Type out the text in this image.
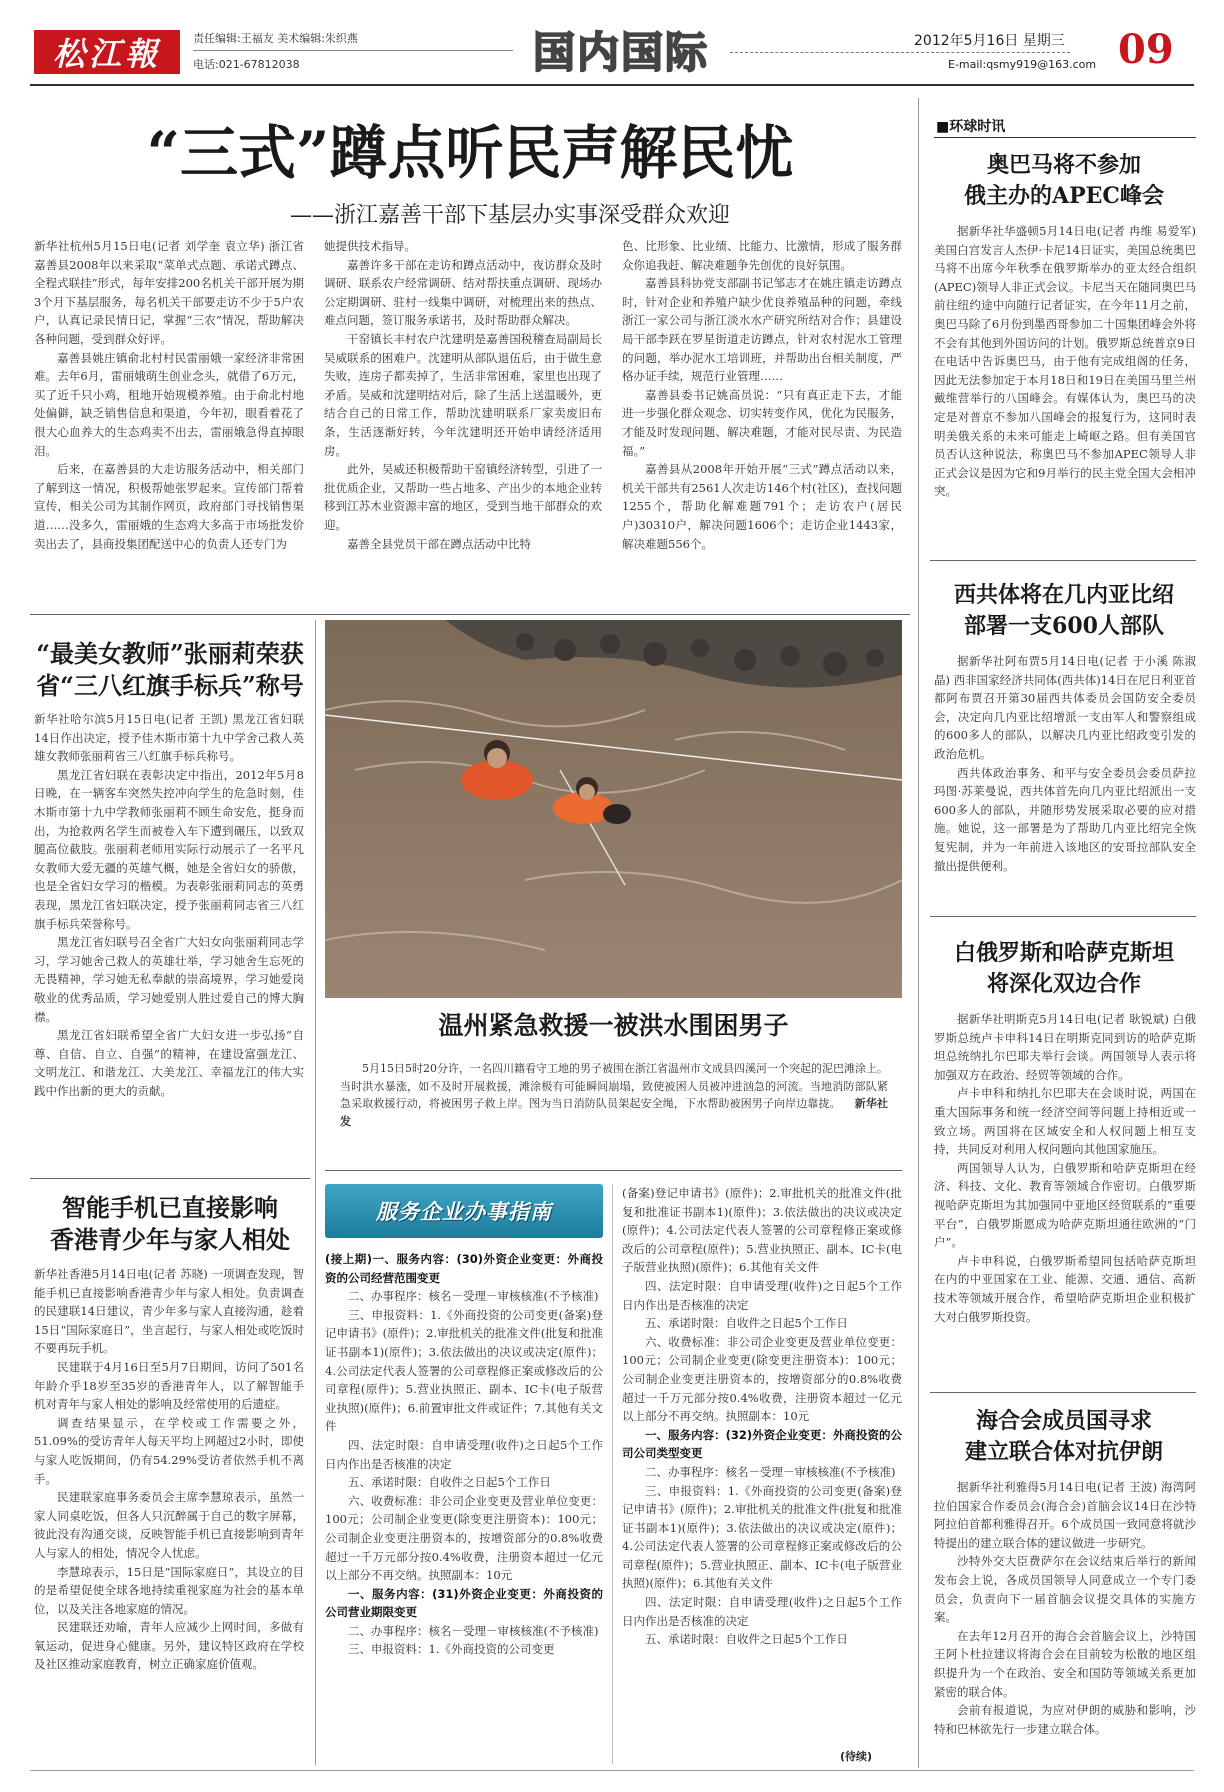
松江報	责任编辑:王福友 美术编辑:朱织燕
电话:021-67812038	国内国际	2012年5月16日 星期三
E-mail:qsmy919@163.com 09
“三式”蹲点听民声解民忧
——浙江嘉善干部下基层办实事深受群众欢迎

新华社杭州5月15日电(记者 刘学奎 袁立华) 浙江省嘉善县2008年以来采取“菜单式点题、承诺式蹲点、全程式联挂”形式，每年安排200名机关干部开展为期3个月下基层服务，每名机关干部要走访不少于5户农户，认真记录民情日记，掌握“三农”情况，帮助解决各种问题，受到群众好评。

嘉善县姚庄镇俞北村村民雷丽娥一家经济非常困难。去年6月，雷丽娥萌生创业念头，就借了6万元，买了近千只小鸡，租地开始规模养殖。由于俞北村地处偏僻，缺乏销售信息和渠道，今年初，眼看着花了很大心血养大的生态鸡卖不出去，雷丽娥急得直掉眼泪。

后来，在嘉善县的大走访服务活动中，相关部门了解到这一情况，积极帮她张罗起来。宣传部门帮着宣传，相关公司为其制作网页，政府部门寻找销售渠道……没多久，雷丽娥的生态鸡大多高于市场批发价卖出去了，县商投集团配送中心的负责人还专门为

她提供技术指导。

嘉善许多干部在走访和蹲点活动中，夜访群众及时调研、联系农户经常调研、结对帮扶重点调研、现场办公定期调研、驻村一线集中调研，对梳理出来的热点、难点问题，签订服务承诺书，及时帮助群众解决。

干窑镇长丰村农户沈建明是嘉善国税稽查局副局长吴威联系的困难户。沈建明从部队退伍后，由于做生意失败，连房子都卖掉了，生活非常困难，家里也出现了矛盾。吴威和沈建明结对后，除了生活上送温暖外，更结合自己的日常工作，帮助沈建明联系厂家卖废旧布条，生活逐渐好转，今年沈建明还开始申请经济适用房。

此外，吴威还积极帮助干窑镇经济转型，引进了一批优质企业，又帮助一些占地多、产出少的本地企业转移到江苏木业资源丰富的地区，受到当地干部群众的欢迎。

嘉善全县党员干部在蹲点活动中比特

色、比形象、比业绩、比能力、比激情，形成了服务群众你追我赶、解决难题争先创优的良好氛围。

嘉善县科协党支部副书记邹志才在姚庄镇走访蹲点时，针对企业和养殖户缺少优良养殖品种的问题，牵线浙江一家公司与浙江淡水水产研究所结对合作；县建设局干部李跃在罗星街道走访蹲点，针对农村泥水工管理的问题，举办泥水工培训班，并帮助出台相关制度，严格办证手续，规范行业管理……

嘉善县委书记姚高员说：“只有真正走下去，才能进一步强化群众观念、切实转变作风，优化为民服务，才能及时发现问题、解决难题，才能对民尽责、为民造福。”

嘉善县从2008年开始开展“三式”蹲点活动以来，机关干部共有2561人次走访146个村(社区)，查找问题1255个，帮助化解难题791个；走访农户(居民户)30310户，解决问题1606个；走访企业1443家，解决难题556个。

“最美女教师”张丽莉荣获
省“三八红旗手标兵”称号

新华社哈尔滨5月15日电(记者 王凯) 黑龙江省妇联14日作出决定，授予佳木斯市第十九中学舍己救人英雄女教师张丽莉省三八红旗手标兵称号。

黑龙江省妇联在表彰决定中指出，2012年5月8日晚，在一辆客车突然失控冲向学生的危急时刻，佳木斯市第十九中学教师张丽莉不顾生命安危，挺身而出，为抢救两名学生而被卷入车下遭到碾压，以致双腿高位截肢。张丽莉老师用实际行动展示了一名平凡女教师大爱无疆的英雄气概，她是全省妇女的骄傲，也是全省妇女学习的楷模。为表彰张丽莉同志的英勇表现，黑龙江省妇联决定，授予张丽莉同志省三八红旗手标兵荣誉称号。

黑龙江省妇联号召全省广大妇女向张丽莉同志学习，学习她舍己救人的英雄壮举，学习她舍生忘死的无畏精神，学习她无私奉献的崇高境界，学习她爱岗敬业的优秀品质，学习她爱别人胜过爱自己的博大胸襟。

黑龙江省妇联希望全省广大妇女进一步弘扬“自尊、自信、自立、自强”的精神，在建设富强龙江、文明龙江、和谐龙江、大美龙江、幸福龙江的伟大实践中作出新的更大的贡献。

智能手机已直接影响
香港青少年与家人相处

新华社香港5月14日电(记者 苏晓) 一项调查发现，智能手机已直接影响香港青少年与家人相处。负责调查的民建联14日建议，青少年多与家人直接沟通，趁着15日“国际家庭日”，坐言起行，与家人相处或吃饭时不要再玩手机。

民建联于4月16日至5月7日期间，访问了501名年龄介乎18岁至35岁的香港青年人，以了解智能手机对青年与家人相处的影响及经常使用的后遗症。

调查结果显示，在学校或工作需要之外，51.09%的受访青年人每天平均上网超过2小时，即使与家人吃饭期间，仍有54.29%受访者依然手机不离手。

民建联家庭事务委员会主席李慧琼表示，虽然一家人同桌吃饭，但各人只沉醉属于自己的数字屏幕，彼此没有沟通交谈，反映智能手机已直接影响到青年人与家人的相处，情况令人忧虑。

李慧琼表示，15日是“国际家庭日”，其设立的目的是希望促使全球各地持续重视家庭为社会的基本单位，以及关注各地家庭的情况。

民建联还劝喻，青年人应减少上网时间，多做有氧运动，促进身心健康。另外，建议特区政府在学校及社区推动家庭教育，树立正确家庭价值观。

温州紧急救援一被洪水围困男子
5月15日5时20分许，一名四川籍看守工地的男子被围在浙江省温州市文成县四溪河一个突起的泥巴滩涂上。当时洪水暴涨，如不及时开展救援，滩涂极有可能瞬间崩塌，致使被困人员被冲进汹急的河流。当地消防部队紧急采取救援行动，将被困男子救上岸。图为当日消防队员架起安全绳，下水帮助被困男子向岸边靠拢。 新华社 发
服务企业办事指南

(接上期)一、服务内容：(30)外资企业变更：外商投资的公司经营范围变更

二、办事程序：核名－受理－审核核准(不予核准)

三、申报资料：1.《外商投资的公司变更(备案)登记申请书》(原件)；2.审批机关的批准文件(批复和批准证书副本1)(原件)；3.依法做出的决议或决定(原件)；4.公司法定代表人签署的公司章程修正案或修改后的公司章程(原件)；5.营业执照正、副本、IC卡(电子版营业执照)(原件)；6.前置审批文件或证件；7.其他有关文件

四、法定时限：自申请受理(收件)之日起5个工作日内作出是否核准的决定

五、承诺时限：自收件之日起5个工作日

六、收费标准：非公司企业变更及营业单位变更：100元；公司制企业变更(除变更注册资本)：100元；公司制企业变更注册资本的，按增资部分的0.8%收费超过一千万元部分按0.4%收费，注册资本超过一亿元以上部分不再交纳。执照副本：10元

一、服务内容：(31)外资企业变更：外商投资的公司营业期限变更

二、办事程序：核名－受理－审核核准(不予核准)

三、申报资料：1.《外商投资的公司变更

(备案)登记申请书》(原件)；2.审批机关的批准文件(批复和批准证书副本1)(原件)；3.依法做出的决议或决定(原件)；4.公司法定代表人签署的公司章程修正案或修改后的公司章程(原件)；5.营业执照正、副本、IC卡(电子版营业执照)(原件)；6.其他有关文件

四、法定时限：自申请受理(收件)之日起5个工作日内作出是否核准的决定

五、承诺时限：自收件之日起5个工作日

六、收费标准：非公司企业变更及营业单位变更：100元；公司制企业变更(除变更注册资本)：100元；公司制企业变更注册资本的，按增资部分的0.8%收费超过一千万元部分按0.4%收费，注册资本超过一亿元以上部分不再交纳。执照副本：10元

一、服务内容：(32)外资企业变更：外商投资的公司公司类型变更

二、办事程序：核名－受理－审核核准(不予核准)

三、申报资料：1.《外商投资的公司变更(备案)登记申请书》(原件)；2.审批机关的批准文件(批复和批准证书副本1)(原件)；3.依法做出的决议或决定(原件)；4.公司法定代表人签署的公司章程修正案或修改后的公司章程(原件)；5.营业执照正、副本、IC卡(电子版营业执照)(原件)；6.其他有关文件

四、法定时限：自申请受理(收件)之日起5个工作日内作出是否核准的决定

五、承诺时限：自收件之日起5个工作日

(待续)
■环球时讯
奥巴马将不参加
俄主办的APEC峰会

据新华社华盛顿5月14日电(记者 冉维 易爱军) 美国白宫发言人杰伊·卡尼14日证实，美国总统奥巴马将不出席今年秋季在俄罗斯举办的亚太经合组织(APEC)领导人非正式会议。卡尼当天在随同奥巴马前往纽约途中向随行记者证实，在今年11月之前，奥巴马除了6月份到墨西哥参加二十国集团峰会外将不会有其他到外国访问的计划。俄罗斯总统普京9日在电话中告诉奥巴马，由于他有完成组阁的任务，因此无法参加定于本月18日和19日在美国马里兰州戴维营举行的八国峰会。有媒体认为，奥巴马的决定是对普京不参加八国峰会的报复行为，这同时表明美俄关系的未来可能走上崎岖之路。但有美国官员否认这种说法，称奥巴马不参加APEC领导人非正式会议是因为它和9月举行的民主党全国大会相冲突。

西共体将在几内亚比绍
部署一支600人部队

据新华社阿布贾5月14日电(记者 于小溪 陈淑晶) 西非国家经济共同体(西共体)14日在尼日利亚首都阿布贾召开第30届西共体委员会国防安全委员会，决定向几内亚比绍增派一支由军人和警察组成的600多人的部队，以解决几内亚比绍政变引发的政治危机。

西共体政治事务、和平与安全委员会委员萨拉玛图·苏莱曼说，西共体首先向几内亚比绍派出一支600多人的部队，并随形势发展采取必要的应对措施。她说，这一部署是为了帮助几内亚比绍完全恢复宪制，并为一年前进入该地区的安哥拉部队安全撤出提供便利。

白俄罗斯和哈萨克斯坦
将深化双边合作

据新华社明斯克5月14日电(记者 耿锐斌) 白俄罗斯总统卢卡申科14日在明斯克同到访的哈萨克斯坦总统纳扎尔巴耶夫举行会谈。两国领导人表示将加强双方在政治、经贸等领域的合作。

卢卡申科和纳扎尔巴耶夫在会谈时说，两国在重大国际事务和统一经济空间等问题上持相近或一致立场。两国将在区域安全和人权问题上相互支持，共同反对利用人权问题向其他国家施压。

两国领导人认为，白俄罗斯和哈萨克斯坦在经济、科技、文化、教育等领域合作密切。白俄罗斯视哈萨克斯坦为其加强同中亚地区经贸联系的“重要平台”，白俄罗斯愿成为哈萨克斯坦通往欧洲的“门户”。

卢卡申科说，白俄罗斯希望同包括哈萨克斯坦在内的中亚国家在工业、能源、交通、通信、高新技术等领域开展合作，希望哈萨克斯坦企业积极扩大对白俄罗斯投资。

海合会成员国寻求
建立联合体对抗伊朗

据新华社利雅得5月14日电(记者 王波) 海湾阿拉伯国家合作委员会(海合会)首脑会议14日在沙特阿拉伯首都利雅得召开。6个成员国一致同意将就沙特提出的建立联合体的建议做进一步研究。

沙特外交大臣费萨尔在会议结束后举行的新闻发布会上说，各成员国领导人同意成立一个专门委员会，负责向下一届首脑会议提交具体的实施方案。

在去年12月召开的海合会首脑会议上，沙特国王阿卜杜拉建议将海合会在目前较为松散的地区组织提升为一个在政治、安全和国防等领域关系更加紧密的联合体。

会前有报道说，为应对伊朗的威胁和影响，沙特和巴林欲先行一步建立联合体。
